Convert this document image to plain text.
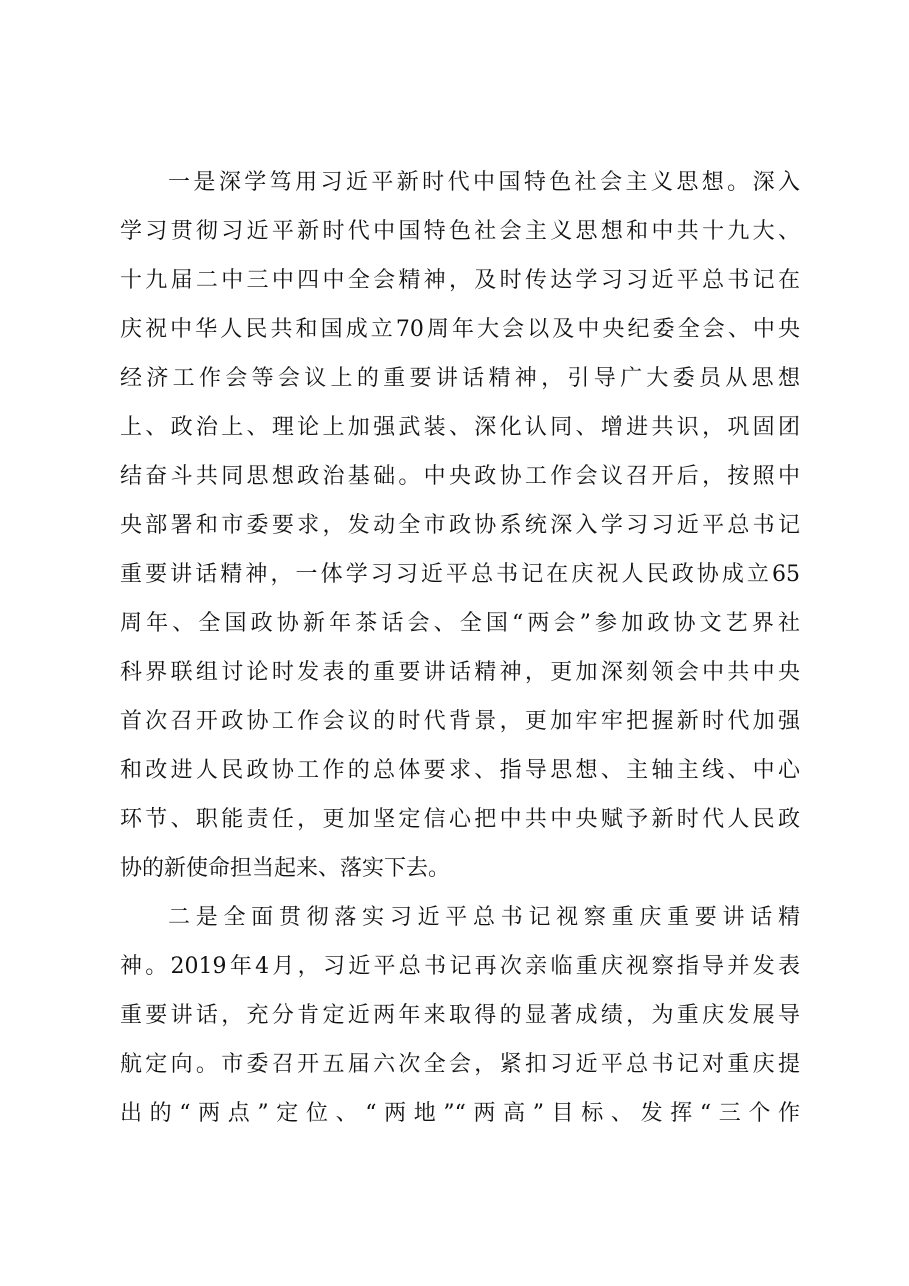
一是深学笃用习近平新时代中国特色社会主义思想。深入
学习贯彻习近平新时代中国特色社会主义思想和中共十九大、
十九届二中三中四中全会精神，及时传达学习习近平总书记在
庆祝中华人民共和国成立70周年大会以及中央纪委全会、中央
经济工作会等会议上的重要讲话精神，引导广大委员从思想
上、政治上、理论上加强武装、深化认同、增进共识，巩固团
结奋斗共同思想政治基础。中央政协工作会议召开后，按照中
央部署和市委要求，发动全市政协系统深入学习习近平总书记
重要讲话精神，一体学习习近平总书记在庆祝人民政协成立65
周年、全国政协新年茶话会、全国“两会”参加政协文艺界社
科界联组讨论时发表的重要讲话精神，更加深刻领会中共中央
首次召开政协工作会议的时代背景，更加牢牢把握新时代加强
和改进人民政协工作的总体要求、指导思想、主轴主线、中心
环节、职能责任，更加坚定信心把中共中央赋予新时代人民政
协的新使命担当起来、落实下去。
二是全面贯彻落实习近平总书记视察重庆重要讲话精
神。2019年4月，习近平总书记再次亲临重庆视察指导并发表
重要讲话，充分肯定近两年来取得的显著成绩，为重庆发展导
航定向。市委召开五届六次全会，紧扣习近平总书记对重庆提
出的“两点”定位、“两地”“两高”目标、发挥“三个作
